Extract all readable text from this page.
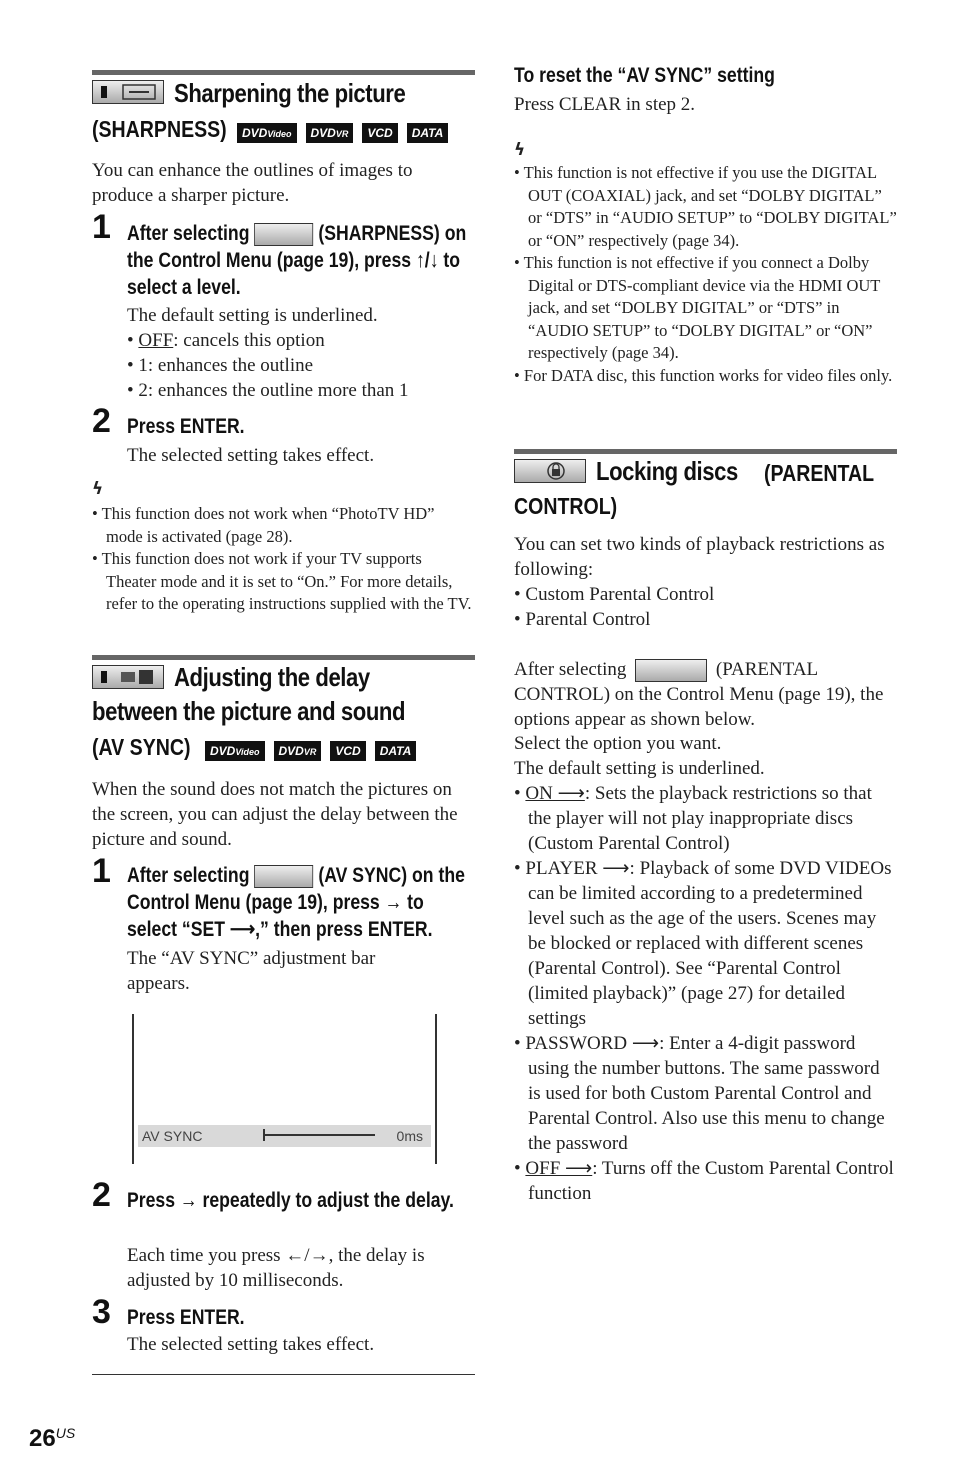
Sharpening the picture
(SHARPNESS) DVDVideo DVDVR VCD DATA
You can enhance the outlines of images to produce a sharper picture.
1 After selecting	(SHARPNESS) on the Control Menu (page 19), press ↑/↓ to select a level.
The default setting is underlined.
• OFF: cancels this option
• 1: enhances the outline
• 2: enhances the outline more than 1
2 Press ENTER.
The selected setting takes effect.
ϟ
• This function does not work when “PhotoTV HD” mode is activated (page 28).
• This function does not work if your TV supports Theater mode and it is set to “On.” For more details, refer to the operating instructions supplied with the TV.
Adjusting the delay
between the picture and sound
(AV SYNC) DVDVideo DVDVR VCD DATA
When the sound does not match the pictures on the screen, you can adjust the delay between the picture and sound.
1 After selecting	(AV SYNC) on the Control Menu (page 19), press → to select “SET ⟶,” then press ENTER.
The “AV SYNC” adjustment bar appears.
AV SYNC	0ms
2 Press → repeatedly to adjust the delay.
Each time you press ←/→, the delay is adjusted by 10 milliseconds.
3 Press ENTER.
The selected setting takes effect.
To reset the “AV SYNC” setting
Press CLEAR in step 2.
ϟ
• This function is not effective if you use the DIGITAL OUT (COAXIAL) jack, and set “DOLBY DIGITAL” or “DTS” in “AUDIO SETUP” to “DOLBY DIGITAL” or “ON” respectively (page 34).
• This function is not effective if you connect a Dolby Digital or DTS-compliant device via the HDMI OUT jack, and set “DOLBY DIGITAL” or “DTS” in “AUDIO SETUP” to “DOLBY DIGITAL” or “ON” respectively (page 34).
• For DATA disc, this function works for video files only.
Locking discs	(PARENTAL
CONTROL)
You can set two kinds of playback restrictions as following:
• Custom Parental Control
• Parental Control
After selecting	(PARENTAL CONTROL) on the Control Menu (page 19), the options appear as shown below.
Select the option you want.
The default setting is underlined.
• ON ⟶: Sets the playback restrictions so that the player will not play inappropriate discs (Custom Parental Control)
• PLAYER ⟶: Playback of some DVD VIDEOs can be limited according to a predetermined level such as the age of the users. Scenes may be blocked or replaced with different scenes (Parental Control). See “Parental Control (limited playback)” (page 27) for detailed settings
• PASSWORD ⟶: Enter a 4-digit password using the number buttons. The same password is used for both Custom Parental Control and Parental Control. Also use this menu to change the password
• OFF ⟶: Turns off the Custom Parental Control function
26US
